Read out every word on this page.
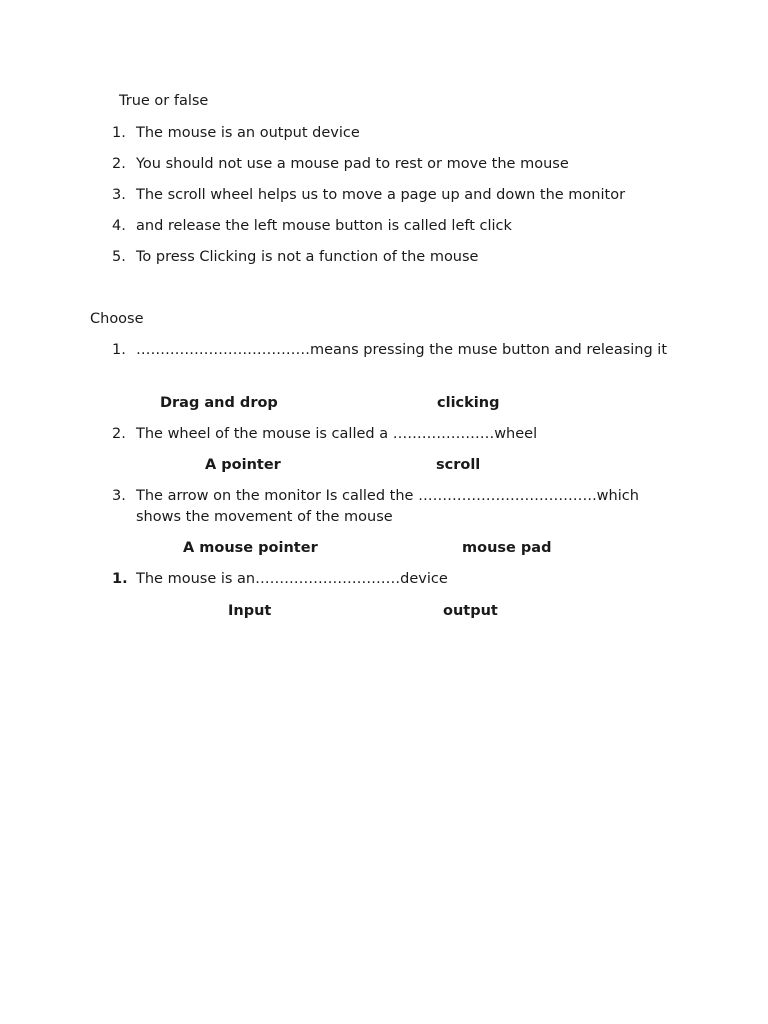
True or false
1. The mouse is an output device
2. You should not use a mouse pad to rest or move the mouse
3. The scroll wheel helps us to move a page up and down the monitor
4. and release the left mouse button is called left click
5. To press Clicking is not a function of the mouse
Choose
1. ………………………………means pressing the muse button and releasing it
Drag and drop	clicking
2. The wheel of the mouse is called a …………………wheel
A pointer	scroll
3. The arrow on the monitor Is called the ……………………………….which shows the movement of the mouse
A mouse pointer	mouse pad
1. The mouse is an…………………………device
Input	output
